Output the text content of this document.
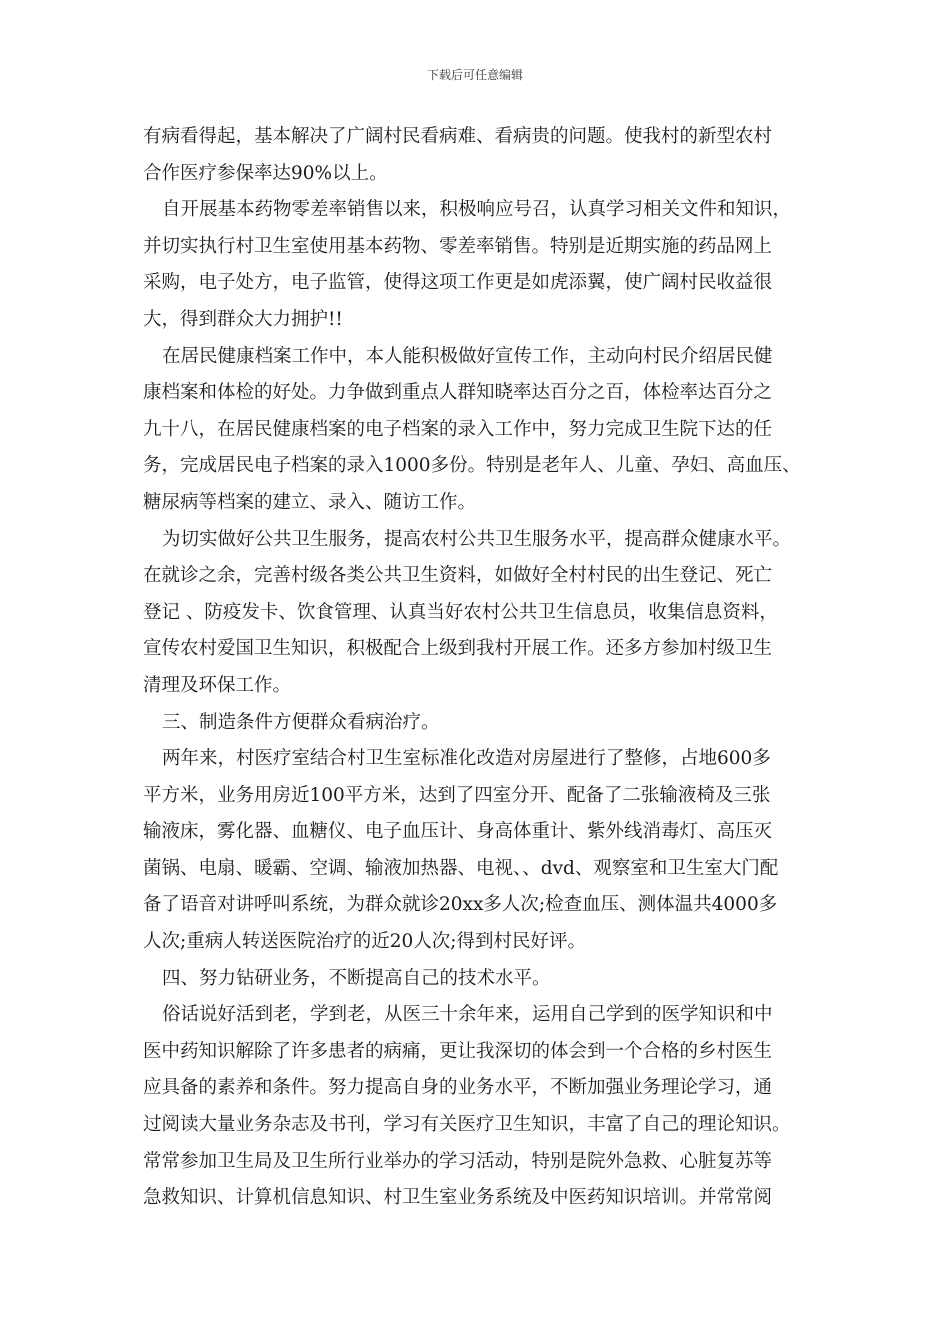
下载后可任意编辑
有病看得起，基本解决了广阔村民看病难、看病贵的问题。使我村的新型农村
合作医疗参保率达90%以上。
自开展基本药物零差率销售以来，积极响应号召，认真学习相关文件和知识，
并切实执行村卫生室使用基本药物、零差率销售。特别是近期实施的药品网上
采购，电子处方，电子监管，使得这项工作更是如虎添翼，使广阔村民收益很
大，得到群众大力拥护!!
在居民健康档案工作中，本人能积极做好宣传工作，主动向村民介绍居民健
康档案和体检的好处。力争做到重点人群知晓率达百分之百，体检率达百分之
九十八，在居民健康档案的电子档案的录入工作中，努力完成卫生院下达的任
务，完成居民电子档案的录入1000多份。特别是老年人、儿童、孕妇、高血压、
糖尿病等档案的建立、录入、随访工作。
为切实做好公共卫生服务，提高农村公共卫生服务水平，提高群众健康水平。
在就诊之余，完善村级各类公共卫生资料，如做好全村村民的出生登记、死亡
登记 、防疫发卡、饮食管理、认真当好农村公共卫生信息员，收集信息资料，
宣传农村爱国卫生知识，积极配合上级到我村开展工作。还多方参加村级卫生
清理及环保工作。
三、制造条件方便群众看病治疗。
两年来，村医疗室结合村卫生室标准化改造对房屋进行了整修，占地600多
平方米，业务用房近100平方米，达到了四室分开、配备了二张输液椅及三张
输液床，雾化器、血糖仪、电子血压计、身高体重计、紫外线消毒灯、高压灭
菌锅、电扇、暖霸、空调、输液加热器、电视、、dvd、观察室和卫生室大门配
备了语音对讲呼叫系统，为群众就诊20xx多人次;检查血压、测体温共4000多
人次;重病人转送医院治疗的近20人次;得到村民好评。
四、努力钻研业务，不断提高自己的技术水平。
俗话说好活到老，学到老，从医三十余年来，运用自己学到的医学知识和中
医中药知识解除了许多患者的病痛，更让我深切的体会到一个合格的乡村医生
应具备的素养和条件。努力提高自身的业务水平，不断加强业务理论学习，通
过阅读大量业务杂志及书刊，学习有关医疗卫生知识，丰富了自己的理论知识。
常常参加卫生局及卫生所行业举办的学习活动，特别是院外急救、心脏复苏等
急救知识、计算机信息知识、村卫生室业务系统及中医药知识培训。并常常阅
